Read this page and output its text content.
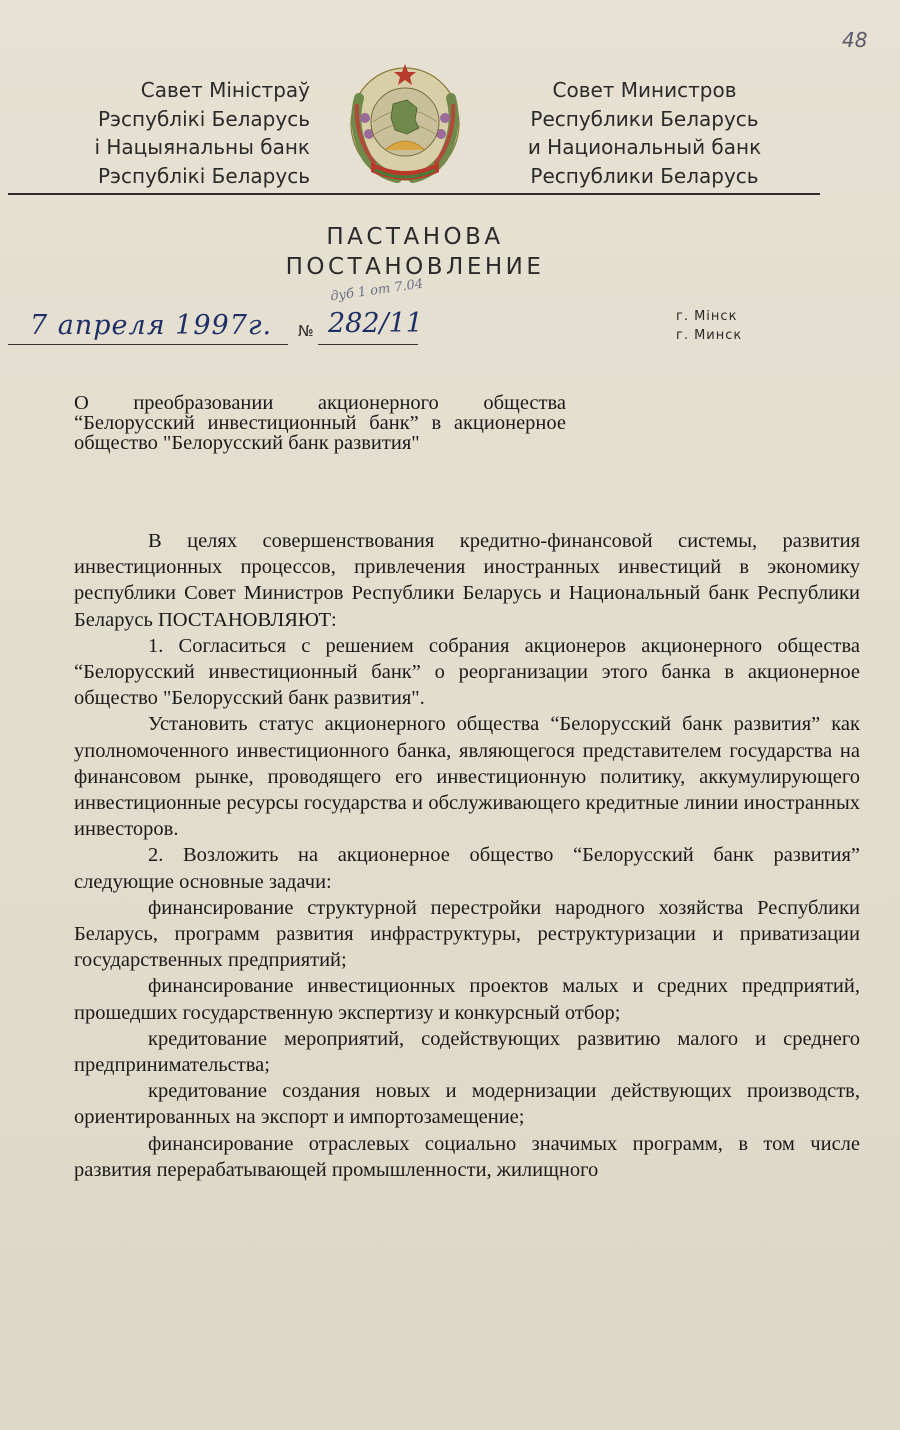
48
Савет Міністраў
Рэспублікі Беларусь
і Нацыянальны банк
Рэспублікі Беларусь
Совет Министров
Республики Беларусь
и Национальный банк
Республики Беларусь
ПАСТАНОВА
ПОСТАНОВЛЕНИЕ
дуб 1 от 7.04
7 апреля 1997г. № 282/11	г. Мінск
г. Минск
О преобразовании акционерного общества “Белорусский инвестиционный банк” в акционерное общество "Белорусский банк развития"

В целях совершенствования кредитно-финансовой системы, развития инвестиционных процессов, привлечения иностранных инвестиций в экономику республики Совет Министров Республики Беларусь и Национальный банк Республики Беларусь ПОСТАНОВЛЯЮТ:

1. Согласиться с решением собрания акционеров акционерного общества “Белорусский инвестиционный банк” о реорганизации этого банка в акционерное общество "Белорусский банк развития".

Установить статус акционерного общества “Белорусский банк развития” как уполномоченного инвестиционного банка, являющегося представителем государства на финансовом рынке, проводящего его инвестиционную политику, аккумулирующего инвестиционные ресурсы государства и обслуживающего кредитные линии иностранных инвесторов.

2. Возложить на акционерное общество “Белорусский банк развития” следующие основные задачи:

финансирование структурной перестройки народного хозяйства Республики Беларусь, программ развития инфраструктуры, реструктуризации и приватизации государственных предприятий;

финансирование инвестиционных проектов малых и средних предприятий, прошедших государственную экспертизу и конкурсный отбор;

кредитование мероприятий, содействующих развитию малого и среднего предпринимательства;

кредитование создания новых и модернизации действующих производств, ориентированных на экспорт и импортозамещение;

финансирование отраслевых социально значимых программ, в том числе развития перерабатывающей промышленности, жилищного
